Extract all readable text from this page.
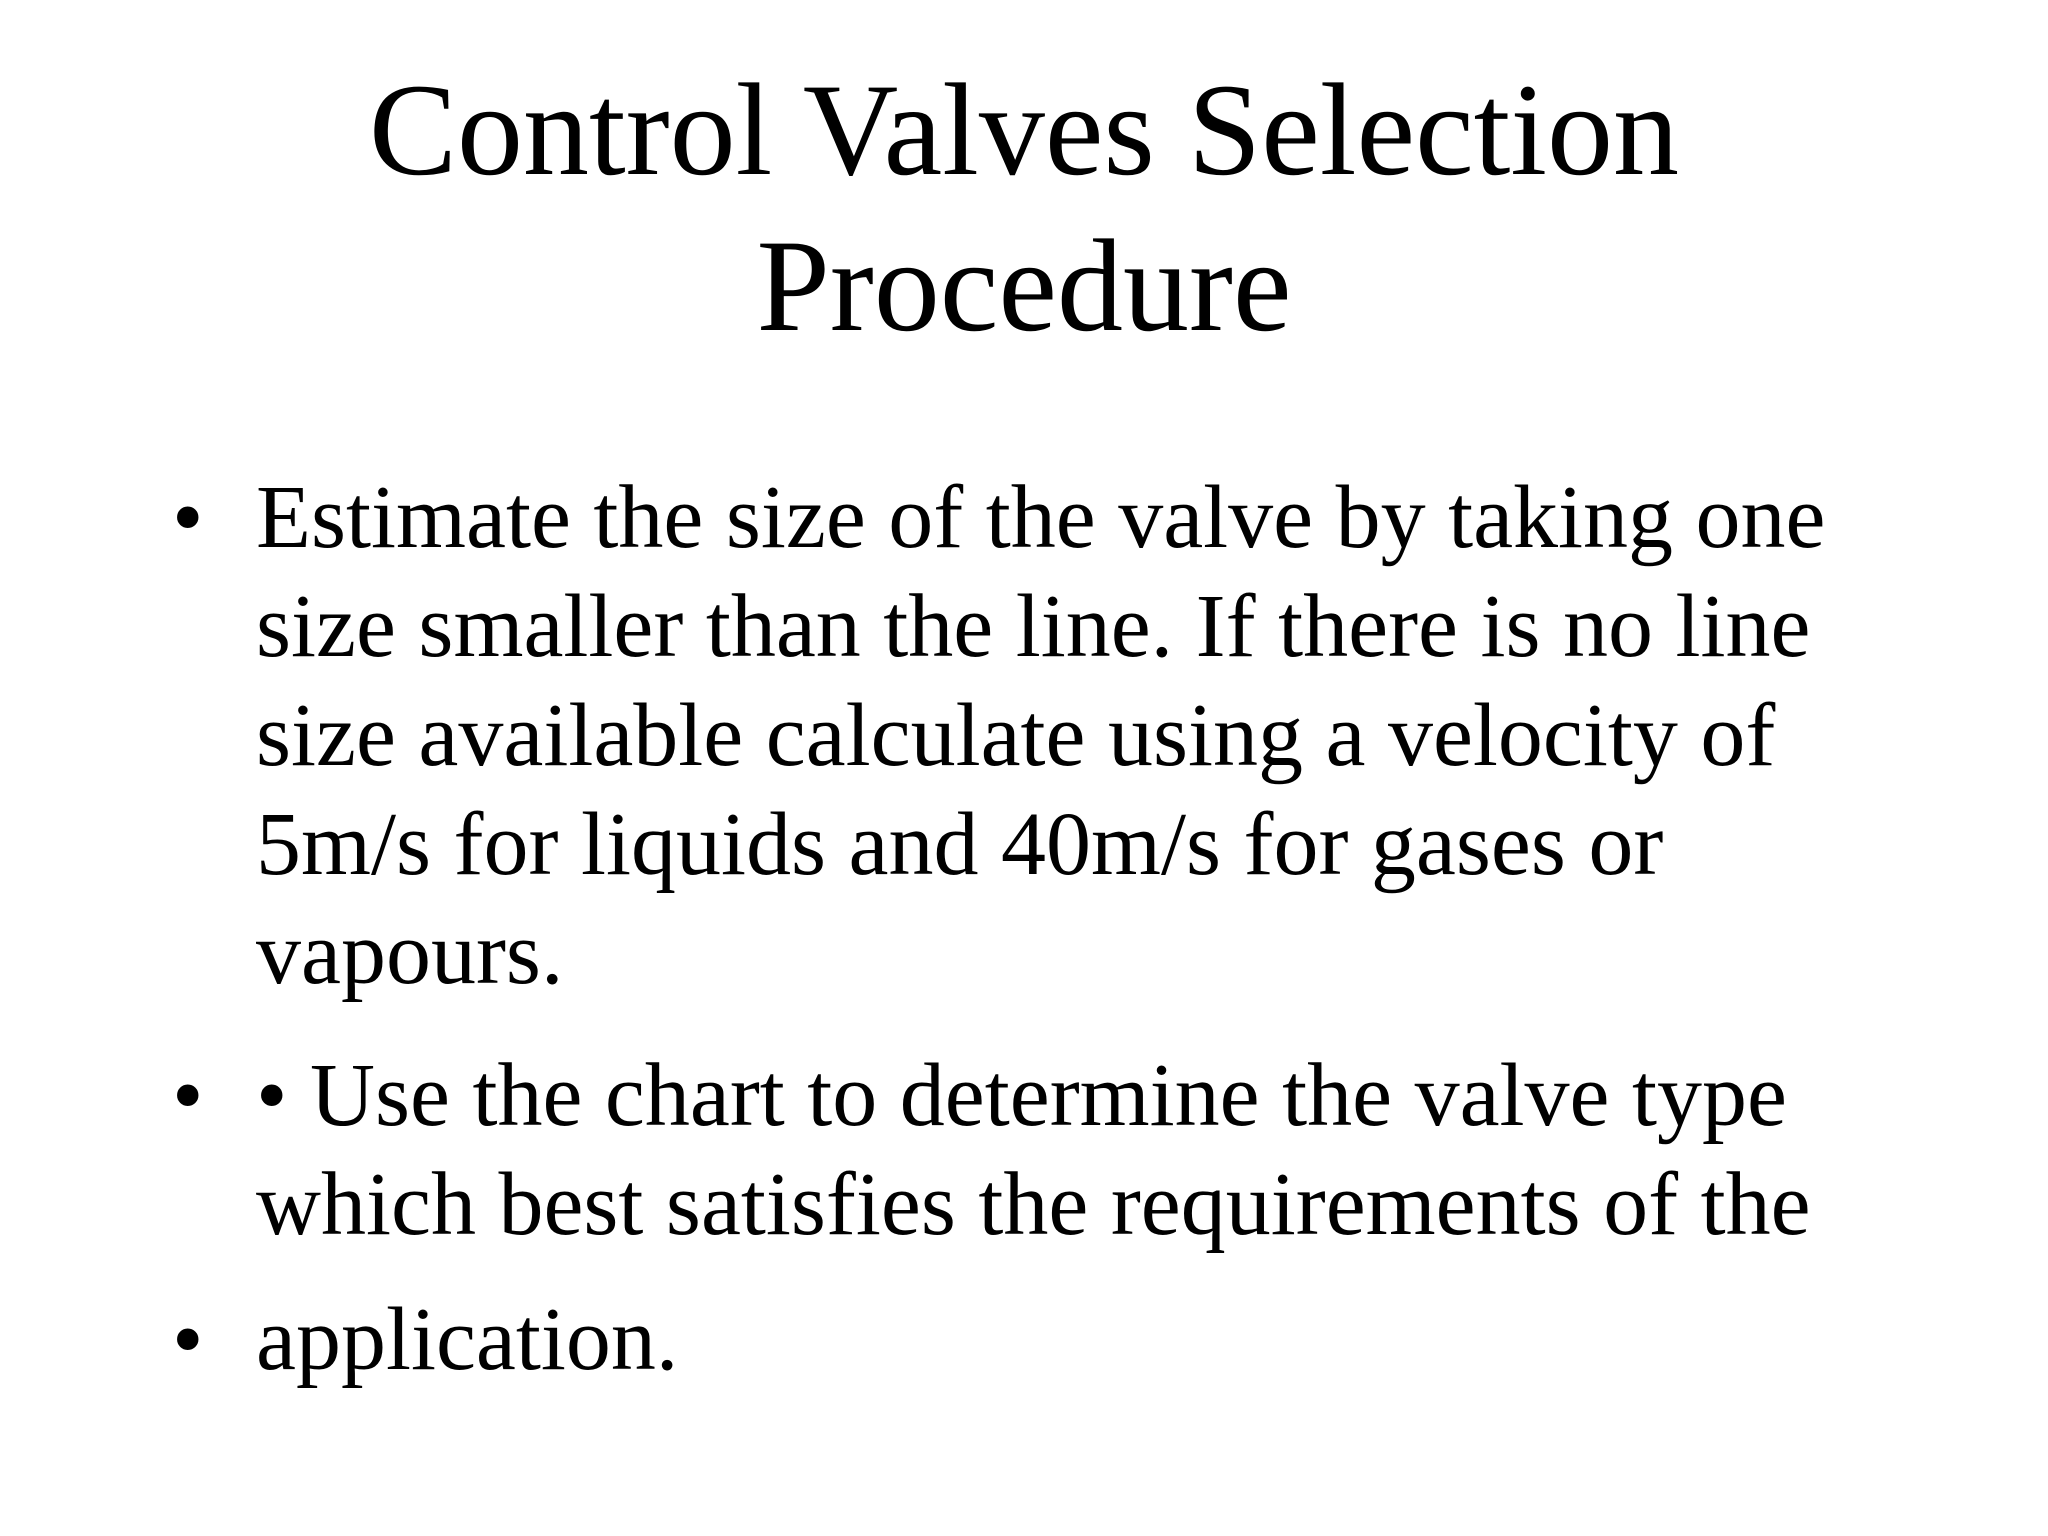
Control Valves Selection
Procedure
• Estimate the size of the valve by taking one
size smaller than the line. If there is no line
size available calculate using a velocity of
5m/s for liquids and 40m/s for gases or
vapours.
• • Use the chart to determine the valve type
which best satisfies the requirements of the
• application.
